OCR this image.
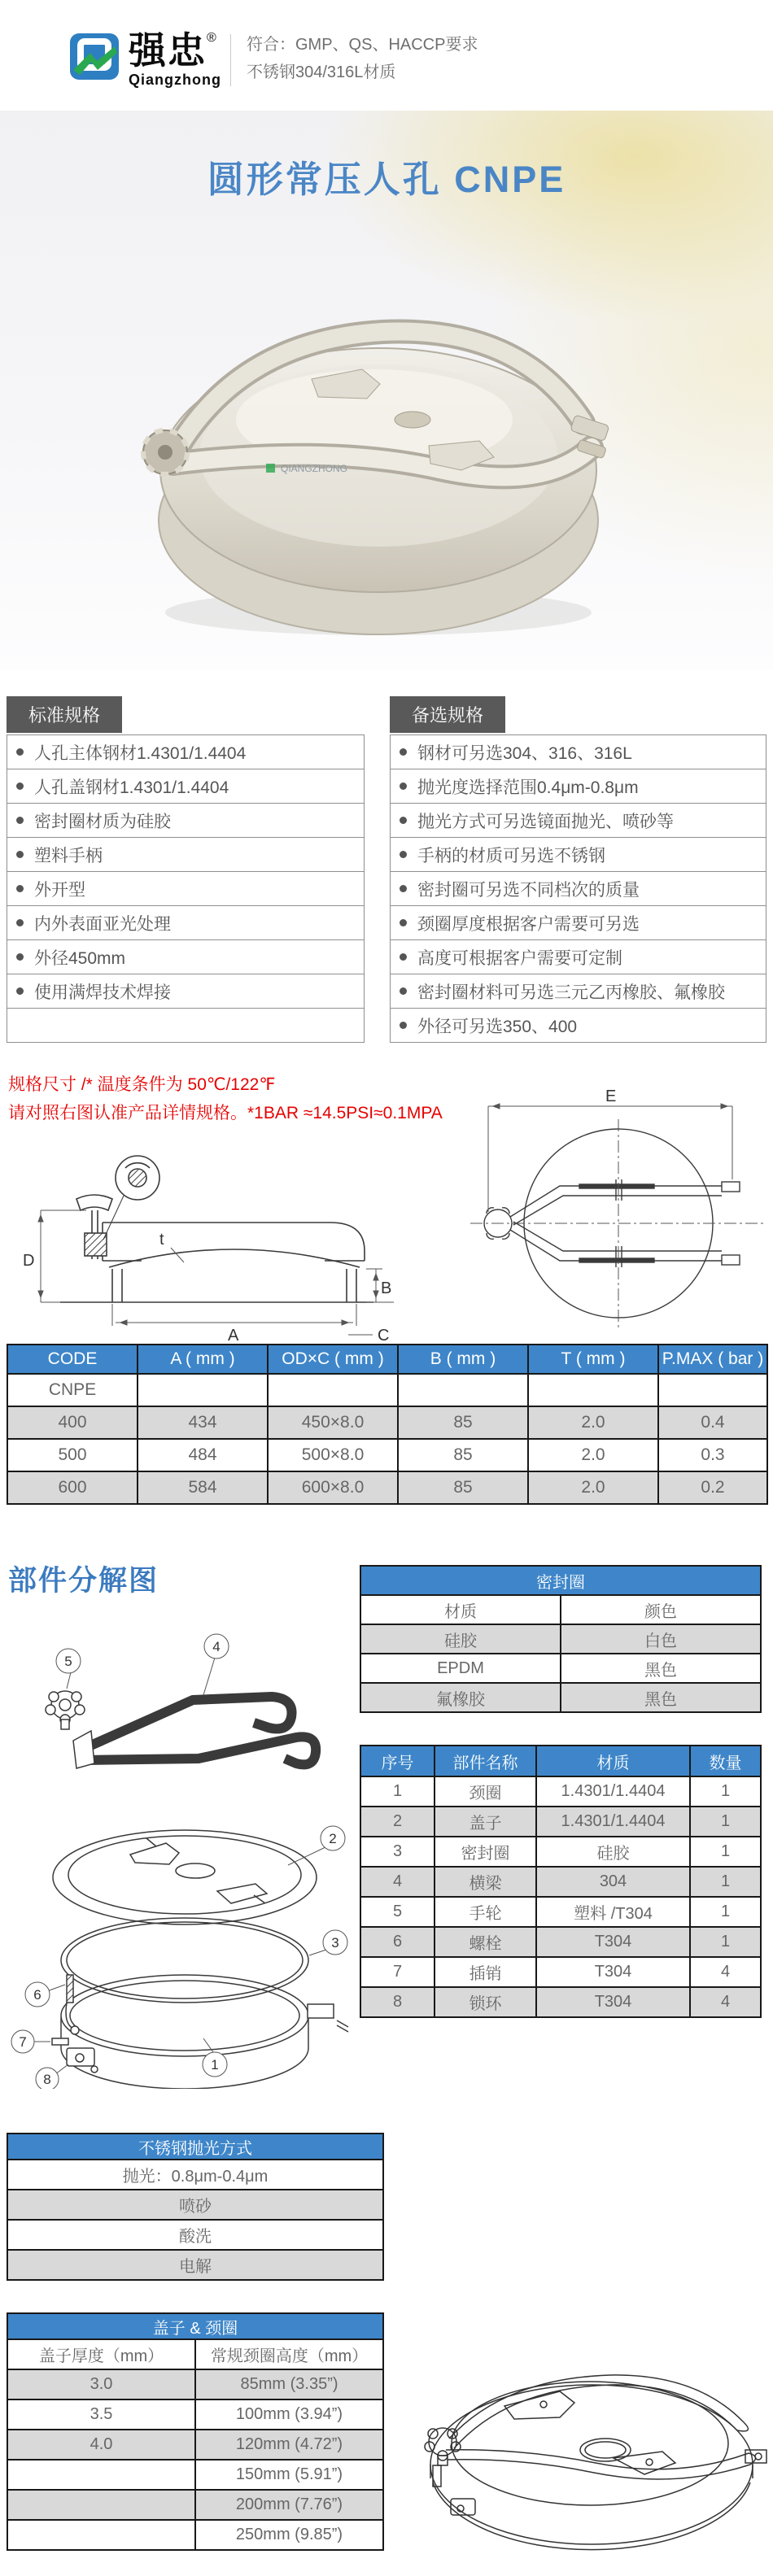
强忠®
Qiangzhong
符合：GMP、QS、HACCP要求
不锈钢304/316L材质
圆形常压人孔 CNPE
QIANGZHONG
标准规格
人孔主体钢材1.4301/1.4404
人孔盖钢材1.4301/1.4404
密封圈材质为硅胶
塑料手柄
外开型
内外表面亚光处理
外径450mm
使用满焊技术焊接
备选规格
钢材可另选304、316、316L
抛光度选择范围0.4μm-0.8μm
抛光方式可另选镜面抛光、喷砂等
手柄的材质可另选不锈钢
密封圈可另选不同档次的质量
颈圈厚度根据客户需要可另选
高度可根据客户需要可定制
密封圈材料可另选三元乙丙橡胶、氟橡胶
外径可另选350、400
规格尺寸 /* 温度条件为 50℃/122℉
请对照右图认准产品详情规格。*1BAR ≈14.5PSI≈0.1MPA
D
t
A
B
C
E
CODE	A ( mm )	OD×C ( mm )	B ( mm )	T ( mm )	P.MAX ( bar )
CNPE					
400	434	450×8.0	85	2.0	0.4
500	484	500×8.0	85	2.0	0.3
600	584	600×8.0	85	2.0	0.2
部件分解图
1
2
3
4
5
6
7
8
密封圈	
材质	颜色
硅胶	白色
EPDM	黑色
氟橡胶	黑色
序号	部件名称	材质	数量
1	颈圈	1.4301/1.4404	1
2	盖子	1.4301/1.4404	1
3	密封圈	硅胶	1
4	横梁	304	1
5	手轮	塑料 /T304	1
6	螺栓	T304	1
7	插销	T304	4
8	锁环	T304	4
不锈钢抛光方式
抛光：0.8μm-0.4μm
喷砂
酸洗
电解
盖子 & 颈圈	
盖子厚度（mm）	常规颈圈高度（mm）
3.0	85mm (3.35”)
3.5	100mm (3.94”)
4.0	120mm (4.72”)
	150mm (5.91”)
	200mm (7.76”)
	250mm (9.85”)
